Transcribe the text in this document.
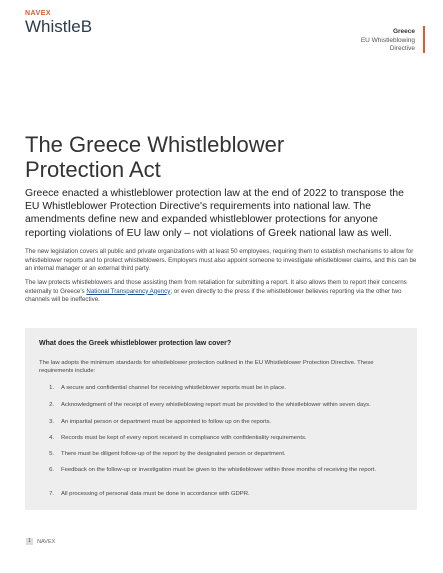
NAVEX
WhistleB	Greece
EU Whistleblowing
Directive
The Greece Whistleblower
Protection Act

Greece enacted a whistleblower protection law at the end of 2022 to transpose the EU Whistleblower Protection Directive's requirements into national law. The amendments define new and expanded whistleblower protections for anyone reporting violations of EU law only – not violations of Greek national law as well.

The new legislation covers all public and private organizations with at least 50 employees, requiring them to establish mechanisms to allow for whistleblower reports and to protect whistleblowers. Employers must also appoint someone to investigate whistleblower claims, and this can be an internal manager or an external third party.

The law protects whistleblowers and those assisting them from retaliation for submitting a report. It also allows them to report their concerns externally to Greece's National Transparency Agency; or even directly to the press if the whistleblower believes reporting via the other two channels will be ineffective.

What does the Greek whistleblower protection law cover?
The law adopts the minimum standards for whistleblower protection outlined in the EU Whistleblower Protection Directive. These requirements include:
1. A secure and confidential channel for receiving whistleblower reports must be in place.
2. Acknowledgment of the receipt of every whistleblowing report must be provided to the whistleblower within seven days.
3. An impartial person or department must be appointed to follow up on the reports.
4. Records must be kept of every report received in compliance with confidentiality requirements.
5. There must be diligent follow-up of the report by the designated person or department.
6. Feedback on the follow-up or investigation must be given to the whistleblower within three months of receiving the report.
7. All processing of personal data must be done in accordance with GDPR.
1	NAVEX
